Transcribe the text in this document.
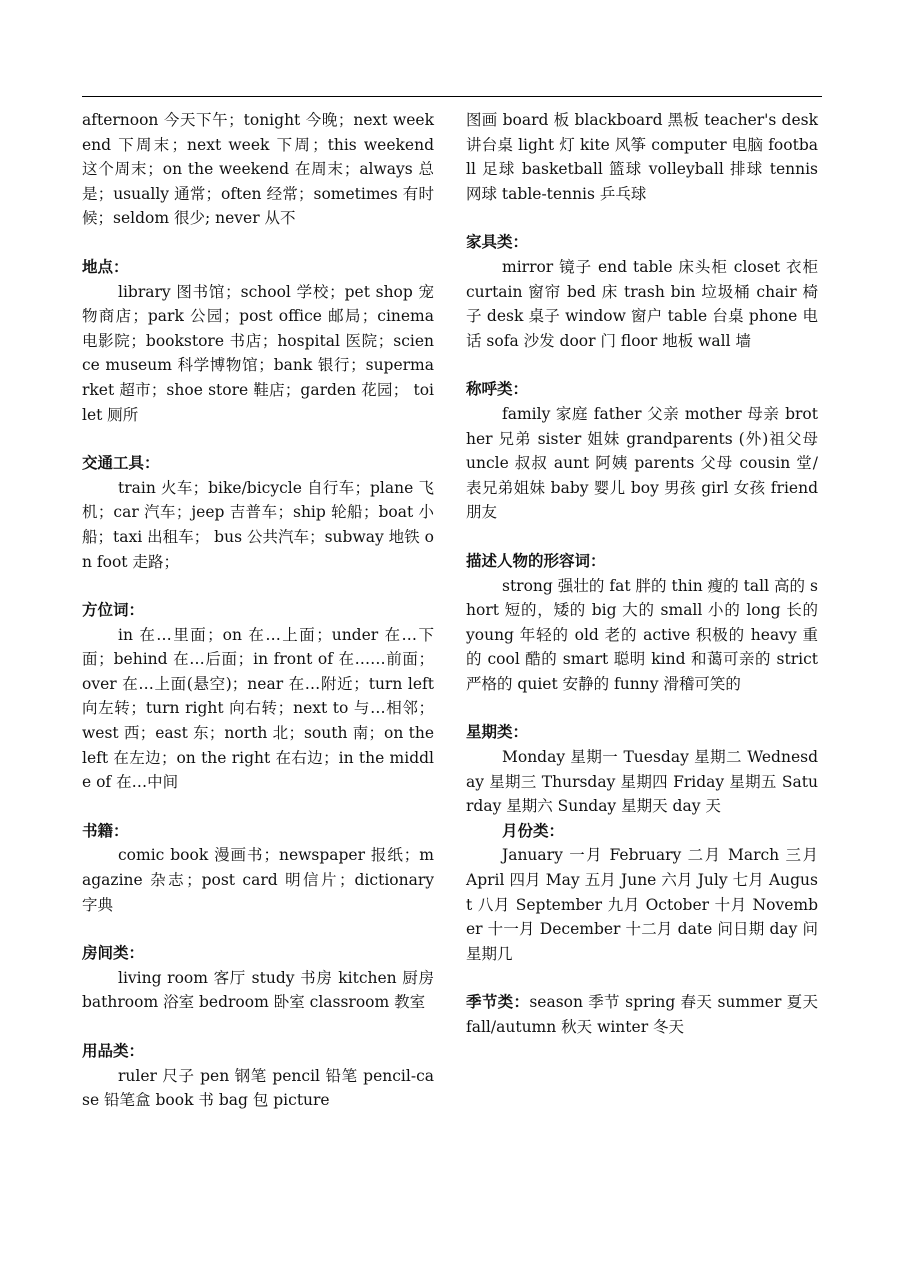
afternoon 今天下午；tonight 今晚；next weekend 下周末；next week 下周；this weekend 这个周末；on the weekend 在周末；always 总是；usually 通常；often 经常；sometimes 有时候；seldom 很少; never 从不

地点：

library 图书馆；school 学校；pet shop 宠物商店；park 公园；post office 邮局；cinema 电影院；bookstore 书店；hospital 医院；science museum 科学博物馆；bank 银行；supermarket 超市；shoe store 鞋店；garden 花园； toilet 厕所

交通工具：

train 火车；bike/bicycle 自行车；plane 飞机；car 汽车；jeep 吉普车；ship 轮船；boat 小船；taxi 出租车； bus 公共汽车；subway 地铁 on foot 走路；

方位词：

in 在…里面；on 在…上面；under 在…下面；behind 在…后面；in front of 在……前面；over 在…上面(悬空)；near 在…附近；turn left 向左转；turn right 向右转；next to 与…相邻；west 西；east 东；north 北；south 南；on the left 在左边；on the right 在右边；in the middle of 在…中间

书籍：

comic book 漫画书；newspaper 报纸；magazine 杂志；post card 明信片；dictionary 字典

房间类：

living room 客厅 study 书房 kitchen 厨房 bathroom 浴室 bedroom 卧室 classroom 教室

用品类：

ruler 尺子 pen 钢笔 pencil 铅笔 pencil-case 铅笔盒 book 书 bag 包 picture

图画 board 板 blackboard 黑板 teacher's desk 讲台桌 light 灯 kite 风筝 computer 电脑 football 足球 basketball 篮球 volleyball 排球 tennis 网球 table-tennis 乒乓球

家具类：

mirror 镜子 end table 床头柜 closet 衣柜 curtain 窗帘 bed 床 trash bin 垃圾桶 chair 椅子 desk 桌子 window 窗户 table 台桌 phone 电话 sofa 沙发 door 门 floor 地板 wall 墙

称呼类：

family 家庭 father 父亲 mother 母亲 brother 兄弟 sister 姐妹 grandparents (外)祖父母 uncle 叔叔 aunt 阿姨 parents 父母 cousin 堂/表兄弟姐妹 baby 婴儿 boy 男孩 girl 女孩 friend 朋友

描述人物的形容词：

strong 强壮的 fat 胖的 thin 瘦的 tall 高的 short 短的，矮的 big 大的 small 小的 long 长的 young 年轻的 old 老的 active 积极的 heavy 重的 cool 酷的 smart 聪明 kind 和蔼可亲的 strict 严格的 quiet 安静的 funny 滑稽可笑的

星期类：

Monday 星期一 Tuesday 星期二 Wednesday 星期三 Thursday 星期四 Friday 星期五 Saturday 星期六 Sunday 星期天 day 天

月份类：

January 一月 February 二月 March 三月 April 四月 May 五月 June 六月 July 七月 August 八月 September 九月 October 十月 November 十一月 December 十二月 date 问日期 day 问星期几

季节类：season 季节 spring 春天 summer 夏天 fall/autumn 秋天 winter 冬天
